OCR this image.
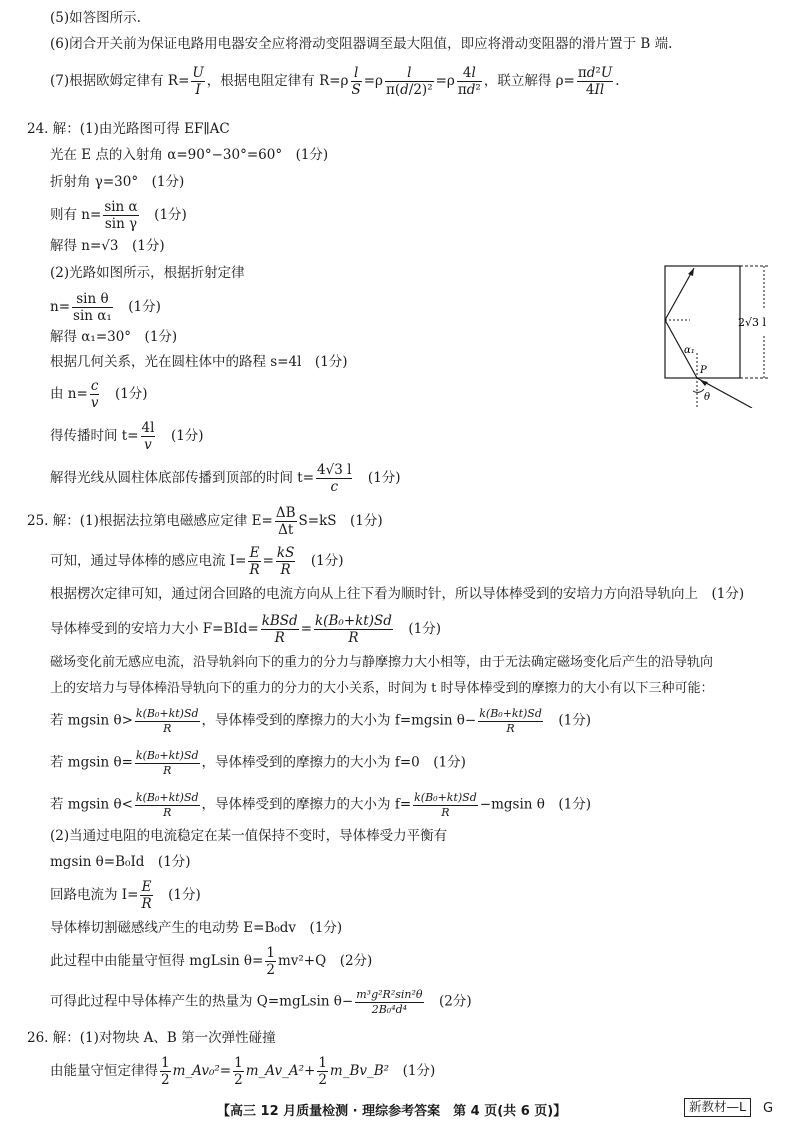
(5)如答图所示.
(6)闭合开关前为保证电路用电器安全应将滑动变阻器调至最大阻值，即应将滑动变阻器的滑片置于 B 端.
(7)根据欧姆定律有 $R= \frac{U}{I}$ ，根据电阻定律有 $R=\rho \frac{l}{S} =\rho \frac{l}{\text{π(d/2)²}} =\rho \frac{4l}{\text{πd²}}$ ，联立解得 $\rho= \frac{\text{πd²U}}{4Il}$ .
24. 解：(1)由光路图可得 EF∥AC
光在 E 点的入射角 α=90°−30°=60°　(1分)
折射角 γ=30°　(1分)
则有 $n= \frac{\text{sin α}}{\text{sin γ}}$
　 (1分)
解得 n=√3　(1分)
(2)光路如图所示，根据折射定律
$n= \frac{\text{sin θ}}{\text{sin α₁}}$
　 (1分)
解得 α₁=30°　(1分)
根据几何关系，光在圆柱体中的路程 s=4l　(1分)
由 $n= \frac{c}{v}$
　 (1分)
得传播时间 $t= \frac{4l}{v}$
　 (1分)
解得光线从圆柱体底部传播到顶部的时间 $t= \frac{4√3 l}{c}$
　 (1分)
2√3 l
α₁
P
θ
25. 解：(1)根据法拉第电磁感应定律 $E= \frac{\Delta B}{\Delta t} S=kS$　(1分)
可知，通过导体棒的感应电流 $I= \frac{E}{R} = \frac{kS}{R}$
　 (1分)
根据楞次定律可知，通过闭合回路的电流方向从上往下看为顺时针，所以导体棒受到的安培力方向沿导轨向上　(1分)
导体棒受到的安培力大小 F=BId=
kBSd
R
= $\frac{\text{k(B₀+kt)Sd}}{R}$
　 (1分)
磁场变化前无感应电流，沿导轨斜向下的重力的分力与静摩擦力大小相等，由于无法确定磁场变化后产生的沿导轨向
上的安培力与导体棒沿导轨向下的重力的分力的大小关系，时间为 t 时导体棒受到的摩擦力的大小有以下三种可能：
若 mgsin $\theta> \frac{\text{k(B₀+kt)Sd}}{R}$ ，导体棒受到的摩擦力的大小为 f=mgsin $\theta- \frac{\text{k(B₀+kt)Sd}}{R}$
　 (1分)
若 mgsin $\theta= \frac{\text{k(B₀+kt)Sd}}{R}$ ，导体棒受到的摩擦力的大小为 f=0　(1分)
若 mgsin $\theta< \frac{\text{k(B₀+kt)Sd}}{R}$ ，导体棒受到的摩擦力的大小为 $f= \frac{\text{k(B₀+kt)Sd}}{R} -mgsin$ θ　(1分)
(2)当通过电阻的电流稳定在某一值保持不变时，导体棒受力平衡有
mgsin θ=B₀Id　(1分)
回路电流为 $I= \frac{E}{R}$
　 (1分)
导体棒切割磁感线产生的电动势 E=B₀dv　(1分)
此过程中由能量守恒得 mgLsin $\theta= \frac{1}{2} mv^2+Q$　(2分)
可得此过程中导体棒产生的热量为 Q=mgLsin $\theta- \frac{\text{m³g²R²sin²θ}}{\text{2B₀⁴d⁴}}$
　 (2分)
26. 解：(1)对物块 A、B 第一次弹性碰撞
由能量守恒定律得 $\frac{1}{2}$ m_Av₀²= $\frac{1}{2}$ m_Av_A²+ $\frac{1}{2}$ m_Bv_B²　 (1分)
【高三 12 月质量检测 · 理综参考答案　第 4 页(共 6 页)】	新教材—L	G
